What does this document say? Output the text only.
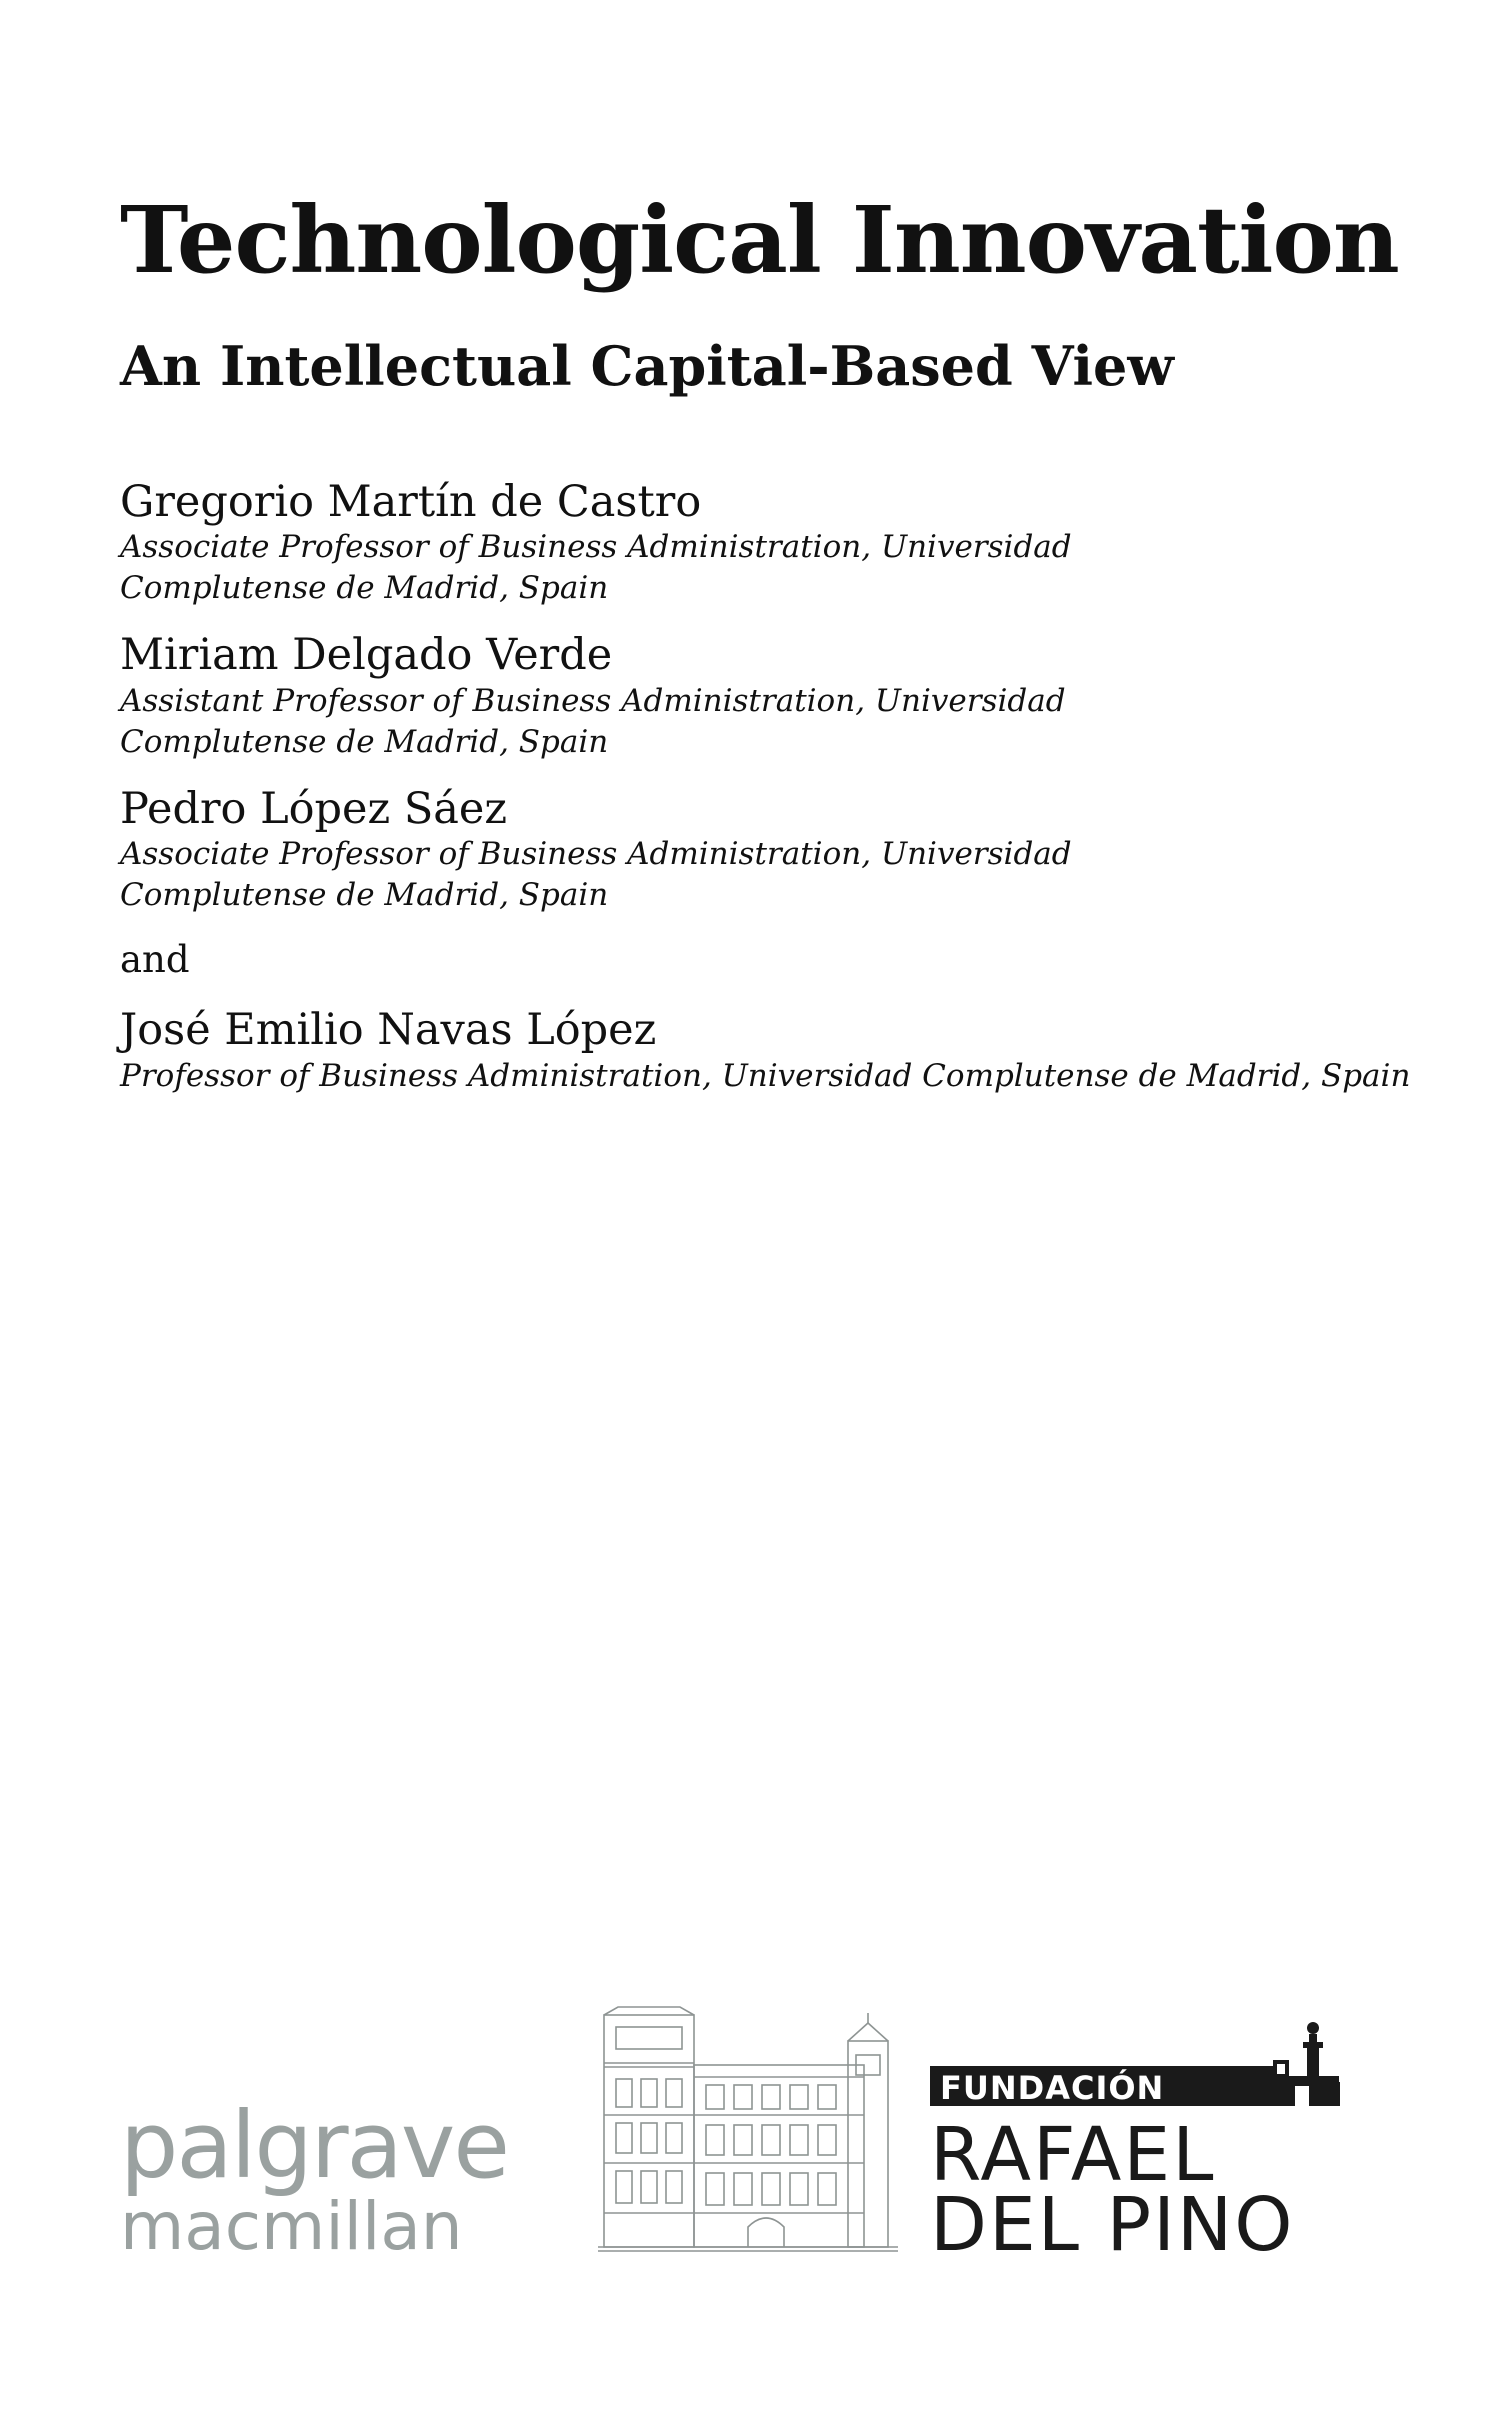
Technological Innovation
An Intellectual Capital-Based View
Gregorio Martín de Castro
Associate Professor of Business Administration, Universidad Complutense de Madrid, Spain
Miriam Delgado Verde
Assistant Professor of Business Administration, Universidad Complutense de Madrid, Spain
Pedro López Sáez
Associate Professor of Business Administration, Universidad Complutense de Madrid, Spain
and
José Emilio Navas López
Professor of Business Administration, Universidad Complutense de Madrid, Spain
palgrave
macmillan
FUNDACIÓN
RAFAEL
DEL PINO
